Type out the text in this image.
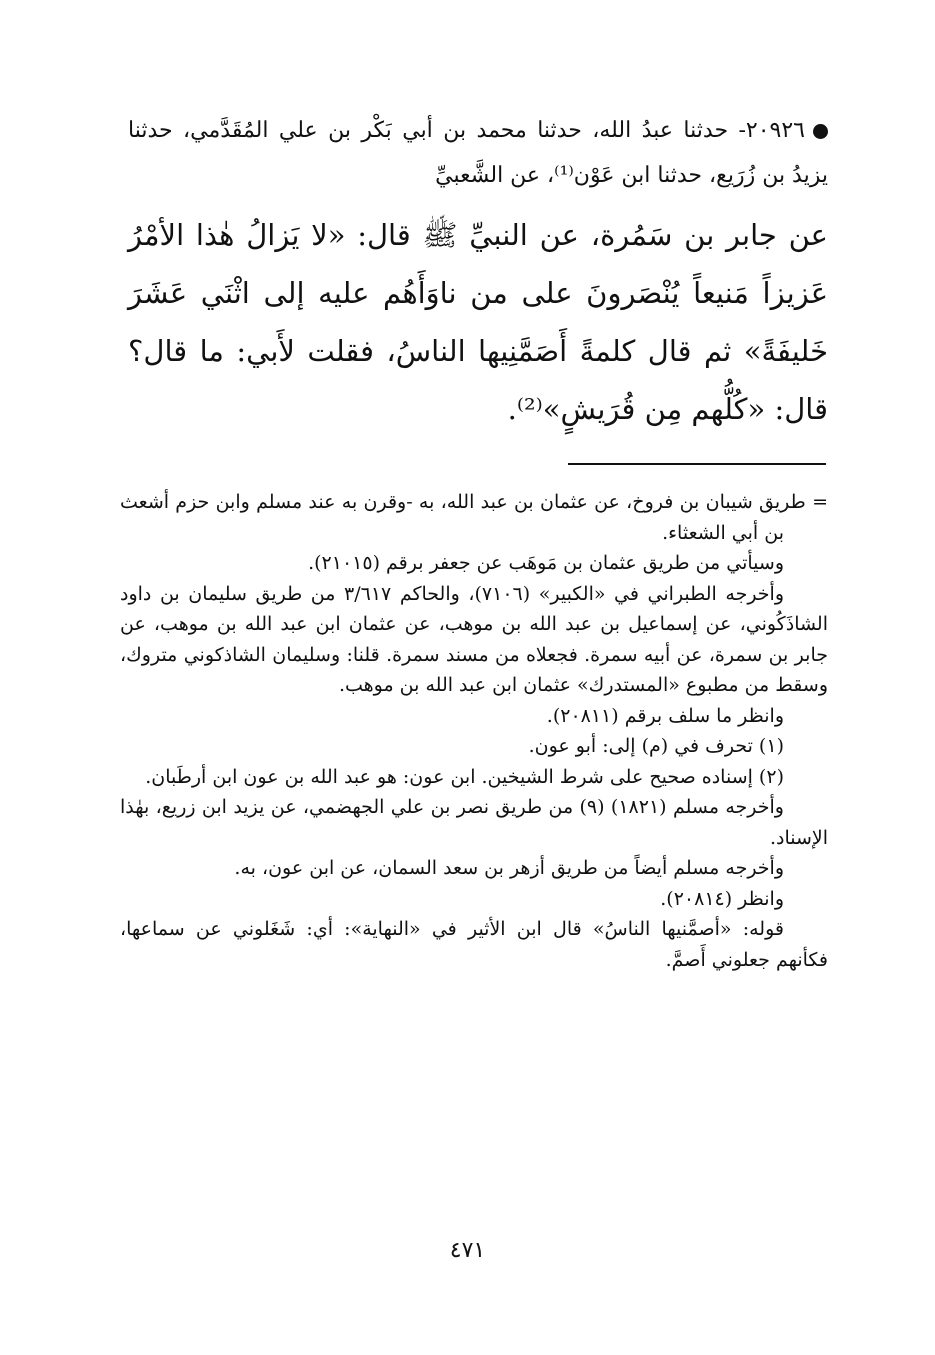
٢٠٩٢٦- حدثنا عبدُ الله، حدثنا محمد بن أبي بَكْر بن علي المُقَدَّمي، حدثنا يزيدُ بن زُرَيع، حدثنا ابن عَوْن⁽¹⁾، عن الشَّعبيِّ
عن جابر بن سَمُرة، عن النبيِّ ﷺ قال: «لا يَزالُ هٰذا الأمْرُ عَزيزاً مَنيعاً يُنْصَرونَ على من ناوَأَهُم عليه إلى اثْنَي عَشَرَ خَليفَةً» ثم قال كلمةً أَصَمَّنِيها الناسُ، فقلت لأَبي: ما قال؟ قال: «كُلُّهم مِن قُرَيشٍ»⁽²⁾.

= طريق شيبان بن فروخ، عن عثمان بن عبد الله، به -وقرن به عند مسلم وابن حزم أشعث بن أبي الشعثاء.

وسيأتي من طريق عثمان بن مَوهَب عن جعفر برقم (٢١٠١٥).

وأخرجه الطبراني في «الكبير» (٧١٠٦)، والحاكم ٣/٦١٧ من طريق سليمان بن داود الشاذَكُوني، عن إسماعيل بن عبد الله بن موهب، عن عثمان ابن عبد الله بن موهب، عن جابر بن سمرة، عن أبيه سمرة. فجعلاه من مسند سمرة. قلنا: وسليمان الشاذكوني متروك، وسقط من مطبوع «المستدرك» عثمان ابن عبد الله بن موهب.

وانظر ما سلف برقم (٢٠٨١١).

(١) تحرف في (م) إلى: أبو عون.

(٢) إسناده صحيح على شرط الشيخين. ابن عون: هو عبد الله بن عون ابن أرطَبان.

وأخرجه مسلم (١٨٢١) (٩) من طريق نصر بن علي الجهضمي، عن يزيد ابن زريع، بهٰذا الإسناد.

وأخرجه مسلم أيضاً من طريق أزهر بن سعد السمان، عن ابن عون، به.

وانظر (٢٠٨١٤).

قوله: «أصمَّنيها الناسُ» قال ابن الأثير في «النهاية»: أي: شَغَلوني عن سماعها، فكأنهم جعلوني أَصمَّ.

٤٧١
